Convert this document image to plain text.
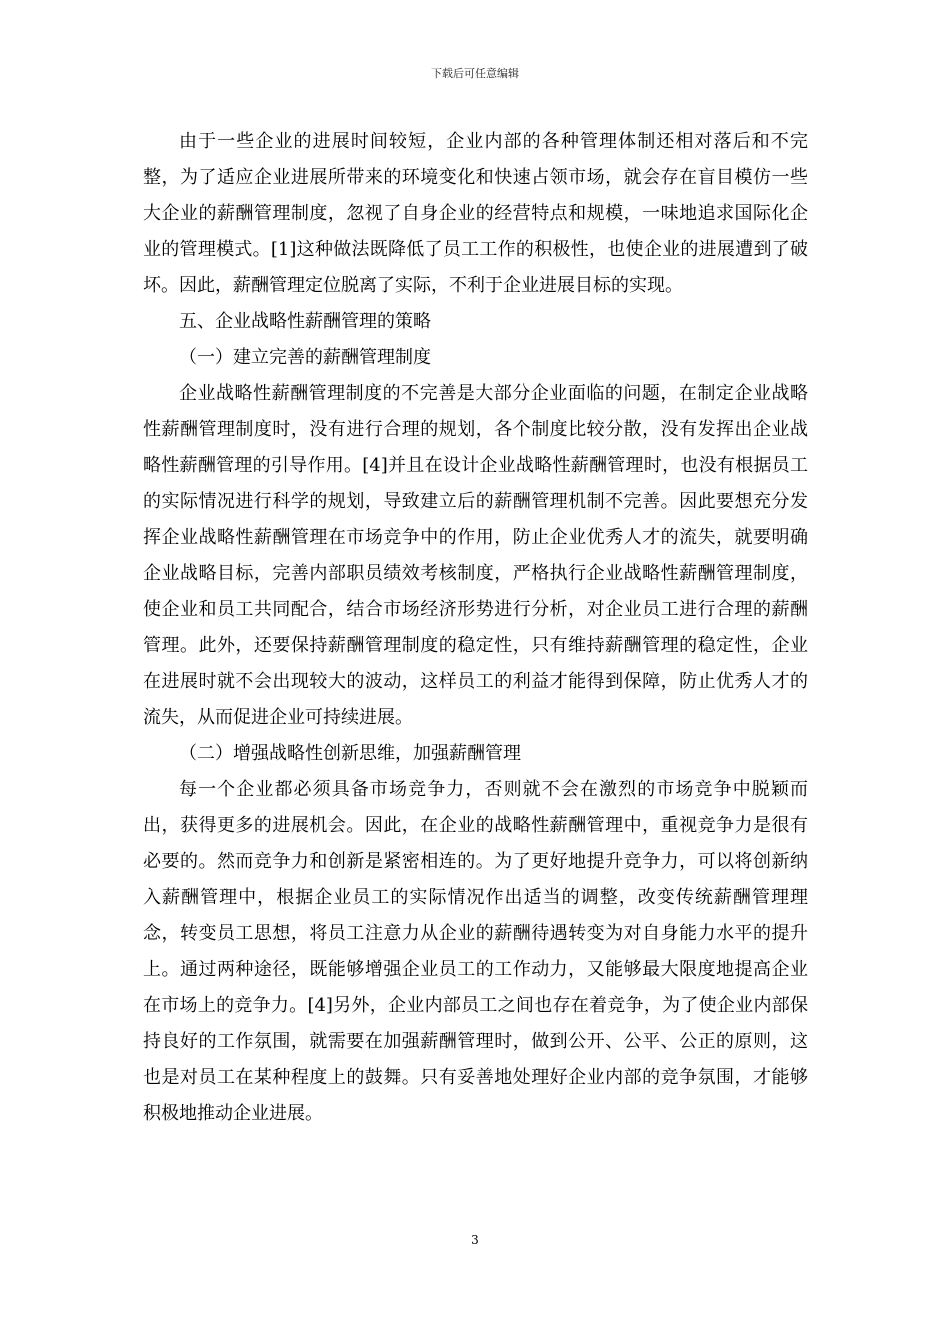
下载后可任意编辑

由于一些企业的进展时间较短，企业内部的各种管理体制还相对落后和不完整，为了适应企业进展所带来的环境变化和快速占领市场，就会存在盲目模仿一些大企业的薪酬管理制度，忽视了自身企业的经营特点和规模，一味地追求国际化企业的管理模式。[1]这种做法既降低了员工工作的积极性，也使企业的进展遭到了破坏。因此，薪酬管理定位脱离了实际，不利于企业进展目标的实现。

五、企业战略性薪酬管理的策略

（一）建立完善的薪酬管理制度

企业战略性薪酬管理制度的不完善是大部分企业面临的问题，在制定企业战略性薪酬管理制度时，没有进行合理的规划，各个制度比较分散，没有发挥出企业战略性薪酬管理的引导作用。[4]并且在设计企业战略性薪酬管理时，也没有根据员工的实际情况进行科学的规划，导致建立后的薪酬管理机制不完善。因此要想充分发挥企业战略性薪酬管理在市场竞争中的作用，防止企业优秀人才的流失，就要明确企业战略目标，完善内部职员绩效考核制度，严格执行企业战略性薪酬管理制度，使企业和员工共同配合，结合市场经济形势进行分析，对企业员工进行合理的薪酬管理。此外，还要保持薪酬管理制度的稳定性，只有维持薪酬管理的稳定性，企业在进展时就不会出现较大的波动，这样员工的利益才能得到保障，防止优秀人才的流失，从而促进企业可持续进展。

（二）增强战略性创新思维，加强薪酬管理

每一个企业都必须具备市场竞争力，否则就不会在激烈的市场竞争中脱颖而出，获得更多的进展机会。因此，在企业的战略性薪酬管理中，重视竞争力是很有必要的。然而竞争力和创新是紧密相连的。为了更好地提升竞争力，可以将创新纳入薪酬管理中，根据企业员工的实际情况作出适当的调整，改变传统薪酬管理理念，转变员工思想，将员工注意力从企业的薪酬待遇转变为对自身能力水平的提升上。通过两种途径，既能够增强企业员工的工作动力，又能够最大限度地提高企业在市场上的竞争力。[4]另外，企业内部员工之间也存在着竞争，为了使企业内部保持良好的工作氛围，就需要在加强薪酬管理时，做到公开、公平、公正的原则，这也是对员工在某种程度上的鼓舞。只有妥善地处理好企业内部的竞争氛围，才能够积极地推动企业进展。

3
